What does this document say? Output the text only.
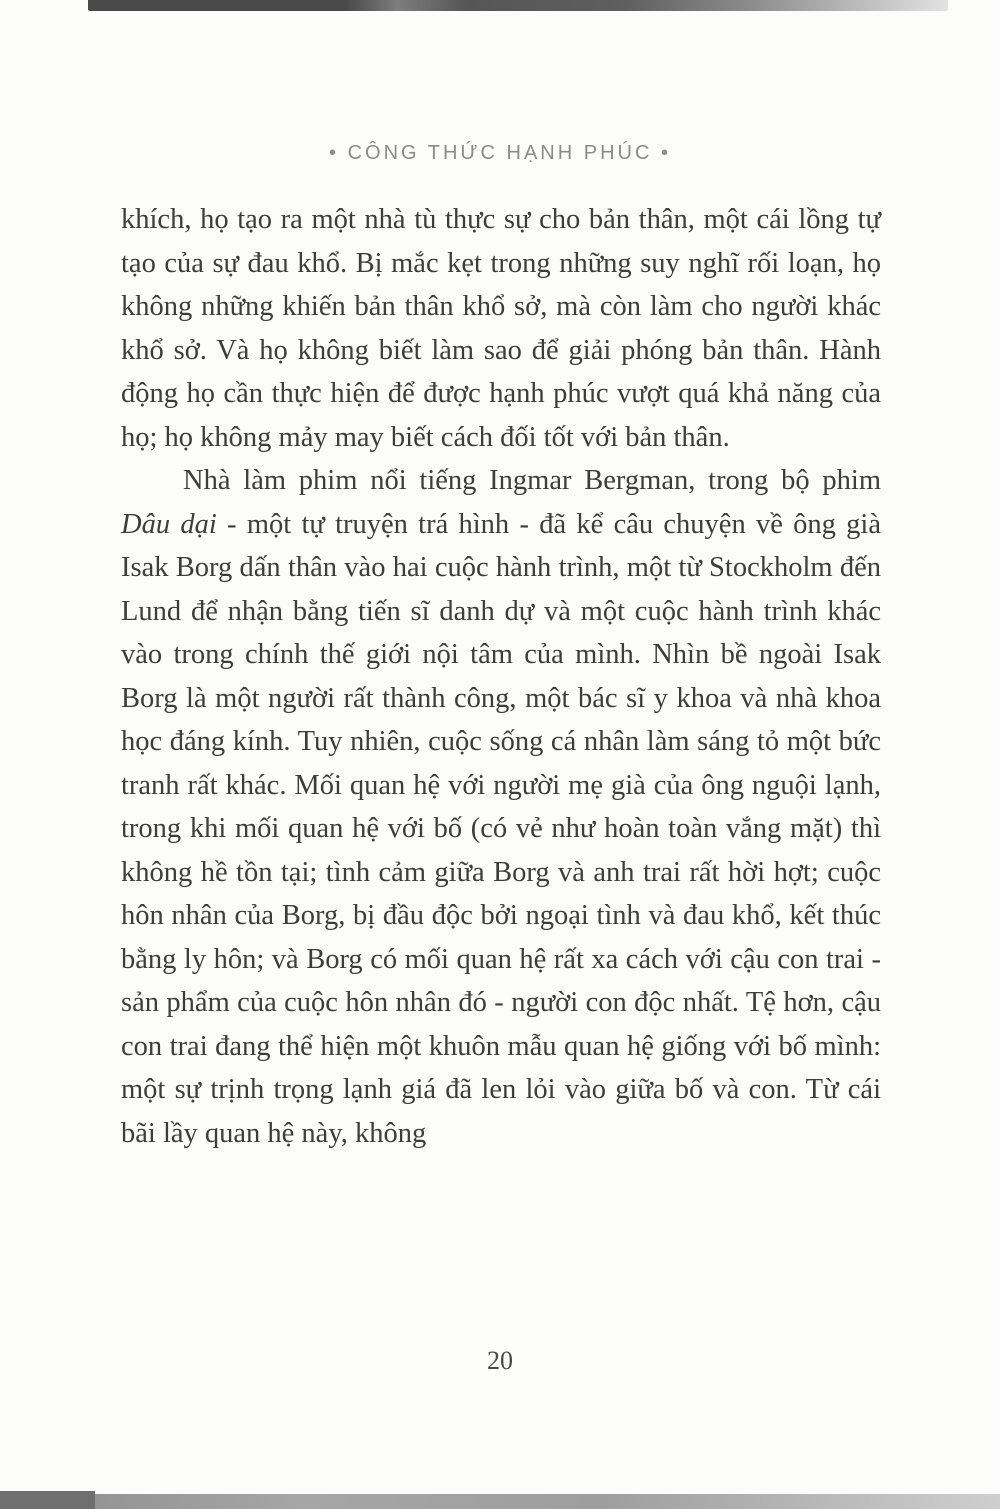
• CÔNG THỨC HẠNH PHÚC •

khích, họ tạo ra một nhà tù thực sự cho bản thân, một cái lồng tự tạo của sự đau khổ. Bị mắc kẹt trong những suy nghĩ rối loạn, họ không những khiến bản thân khổ sở, mà còn làm cho người khác khổ sở. Và họ không biết làm sao để giải phóng bản thân. Hành động họ cần thực hiện để được hạnh phúc vượt quá khả năng của họ; họ không mảy may biết cách đối tốt với bản thân.

Nhà làm phim nổi tiếng Ingmar Bergman, trong bộ phim Dâu dại - một tự truyện trá hình - đã kể câu chuyện về ông già Isak Borg dấn thân vào hai cuộc hành trình, một từ Stockholm đến Lund để nhận bằng tiến sĩ danh dự và một cuộc hành trình khác vào trong chính thế giới nội tâm của mình. Nhìn bề ngoài Isak Borg là một người rất thành công, một bác sĩ y khoa và nhà khoa học đáng kính. Tuy nhiên, cuộc sống cá nhân làm sáng tỏ một bức tranh rất khác. Mối quan hệ với người mẹ già của ông nguội lạnh, trong khi mối quan hệ với bố (có vẻ như hoàn toàn vắng mặt) thì không hề tồn tại; tình cảm giữa Borg và anh trai rất hời hợt; cuộc hôn nhân của Borg, bị đầu độc bởi ngoại tình và đau khổ, kết thúc bằng ly hôn; và Borg có mối quan hệ rất xa cách với cậu con trai - sản phẩm của cuộc hôn nhân đó - người con độc nhất. Tệ hơn, cậu con trai đang thể hiện một khuôn mẫu quan hệ giống với bố mình: một sự trịnh trọng lạnh giá đã len lỏi vào giữa bố và con. Từ cái bãi lầy quan hệ này, không

20
